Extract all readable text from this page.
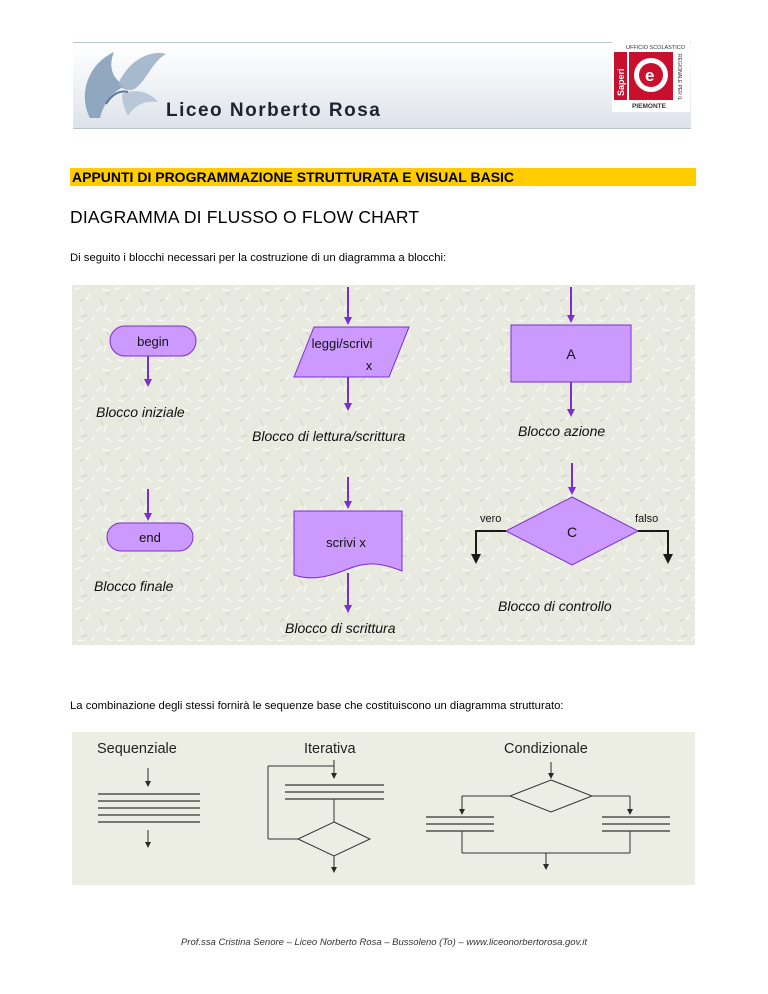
Liceo Norberto Rosa
UFFICIO SCOLASTICO
Saperi e	REGIONALE PER IL
PIEMONTE
APPUNTI DI PROGRAMMAZIONE STRUTTURATA E VISUAL BASIC
DIAGRAMMA DI FLUSSO O FLOW CHART
Di seguito i blocchi necessari per la costruzione di un diagramma a blocchi:
begin
Blocco iniziale
leggi/scrivi
x
Blocco di lettura/scrittura
A
Blocco azione
end
Blocco finale
scrivi x
Blocco di scrittura
C
vero	falso
Blocco di controllo
La combinazione degli stessi fornirà le sequenze base che costituiscono un diagramma strutturato:
Sequenziale	Iterativa	Condizionale
Prof.ssa Cristina Senore – Liceo Norberto Rosa – Bussoleno (To) – www.liceonorbertorosa.gov.it
